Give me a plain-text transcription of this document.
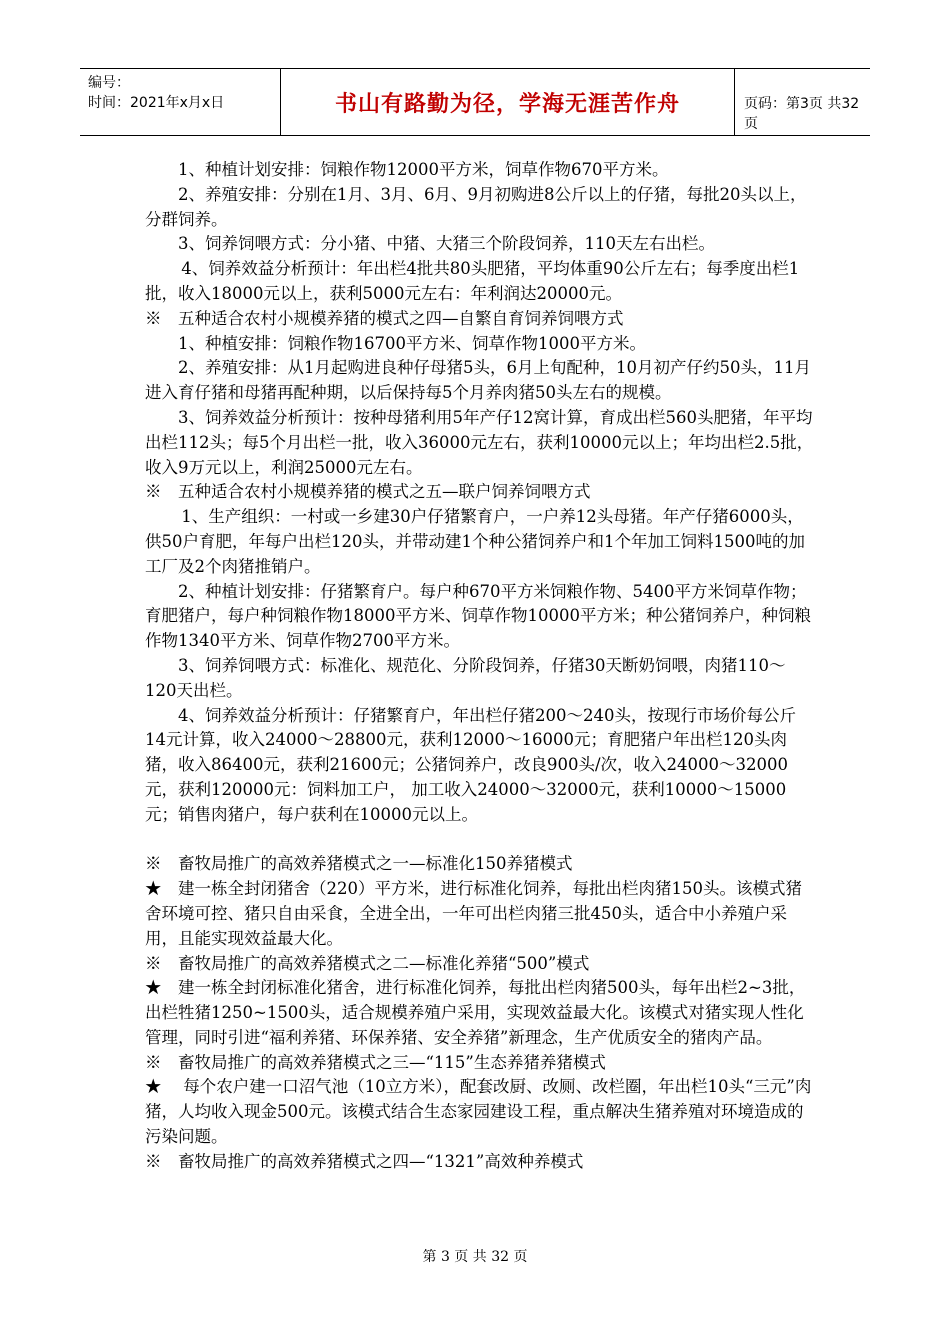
编号：
时间：2021年x月x日	书山有路勤为径，学海无涯苦作舟	页码：第3页 共32页

1、种植计划安排：饲粮作物12000平方米，饲草作物670平方米。

2、养殖安排：分别在1月、3月、6月、9月初购进8公斤以上的仔猪，每批20头以上，分群饲养。

3、饲养饲喂方式：分小猪、中猪、大猪三个阶段饲养，110天左右出栏。

4、饲养效益分析预计：年出栏4批共80头肥猪，平均体重90公斤左右；每季度出栏1批，收入18000元以上，获利5000元左右：年利润达20000元。

※　五种适合农村小规模养猪的模式之四—自繁自育饲养饲喂方式

1、种植安排：饲粮作物16700平方米、饲草作物1000平方米。

2、养殖安排：从1月起购进良种仔母猪5头，6月上旬配种，10月初产仔约50头，11月进入育仔猪和母猪再配种期，以后保持每5个月养肉猪50头左右的规模。

3、饲养效益分析预计：按种母猪利用5年产仔12窝计算，育成出栏560头肥猪，年平均出栏112头；每5个月出栏一批，收入36000元左右，获利10000元以上；年均出栏2.5批，收入9万元以上，利润25000元左右。

※　五种适合农村小规模养猪的模式之五—联户饲养饲喂方式

1、生产组织：一村或一乡建30户仔猪繁育户，一户养12头母猪。年产仔猪6000头，供50户育肥，年每户出栏120头，并带动建1个种公猪饲养户和1个年加工饲料1500吨的加工厂及2个肉猪推销户。

2、种植计划安排：仔猪繁育户。每户种670平方米饲粮作物、5400平方米饲草作物；育肥猪户，每户种饲粮作物18000平方米、饲草作物10000平方米；种公猪饲养户，种饲粮作物1340平方米、饲草作物2700平方米。

3、饲养饲喂方式：标准化、规范化、分阶段饲养，仔猪30天断奶饲喂，肉猪110～120天出栏。

4、饲养效益分析预计：仔猪繁育户，年出栏仔猪200～240头，按现行市场价每公斤14元计算，收入24000～28800元，获利12000～16000元；育肥猪户年出栏120头肉猪，收入86400元，获利21600元；公猪饲养户，改良900头/次，收入24000～32000元，获利120000元：饲料加工户， 加工收入24000～32000元，获利10000～15000元；销售肉猪户，每户获利在10000元以上。

※　畜牧局推广的高效养猪模式之一—标准化150养猪模式

★　建一栋全封闭猪舍（220）平方米，进行标准化饲养，每批出栏肉猪150头。该模式猪舍环境可控、猪只自由采食，全进全出，一年可出栏肉猪三批450头，适合中小养殖户采用，且能实现效益最大化。

※　畜牧局推广的高效养猪模式之二—标准化养猪“500”模式

★　建一栋全封闭标准化猪舍，进行标准化饲养，每批出栏肉猪500头，每年出栏2~3批，出栏牲猪1250~1500头，适合规模养殖户采用，实现效益最大化。该模式对猪实现人性化管理，同时引进“福利养猪、环保养猪、安全养猪”新理念，生产优质安全的猪肉产品。

※　畜牧局推广的高效养猪模式之三—“115”生态养猪养猪模式

★　 每个农户建一口沼气池（10立方米），配套改厨、改厕、改栏圈，年出栏10头“三元”肉猪，人均收入现金500元。该模式结合生态家园建设工程，重点解决生猪养殖对环境造成的污染问题。

※　畜牧局推广的高效养猪模式之四—“1321”高效种养模式

第 3 页 共 32 页
